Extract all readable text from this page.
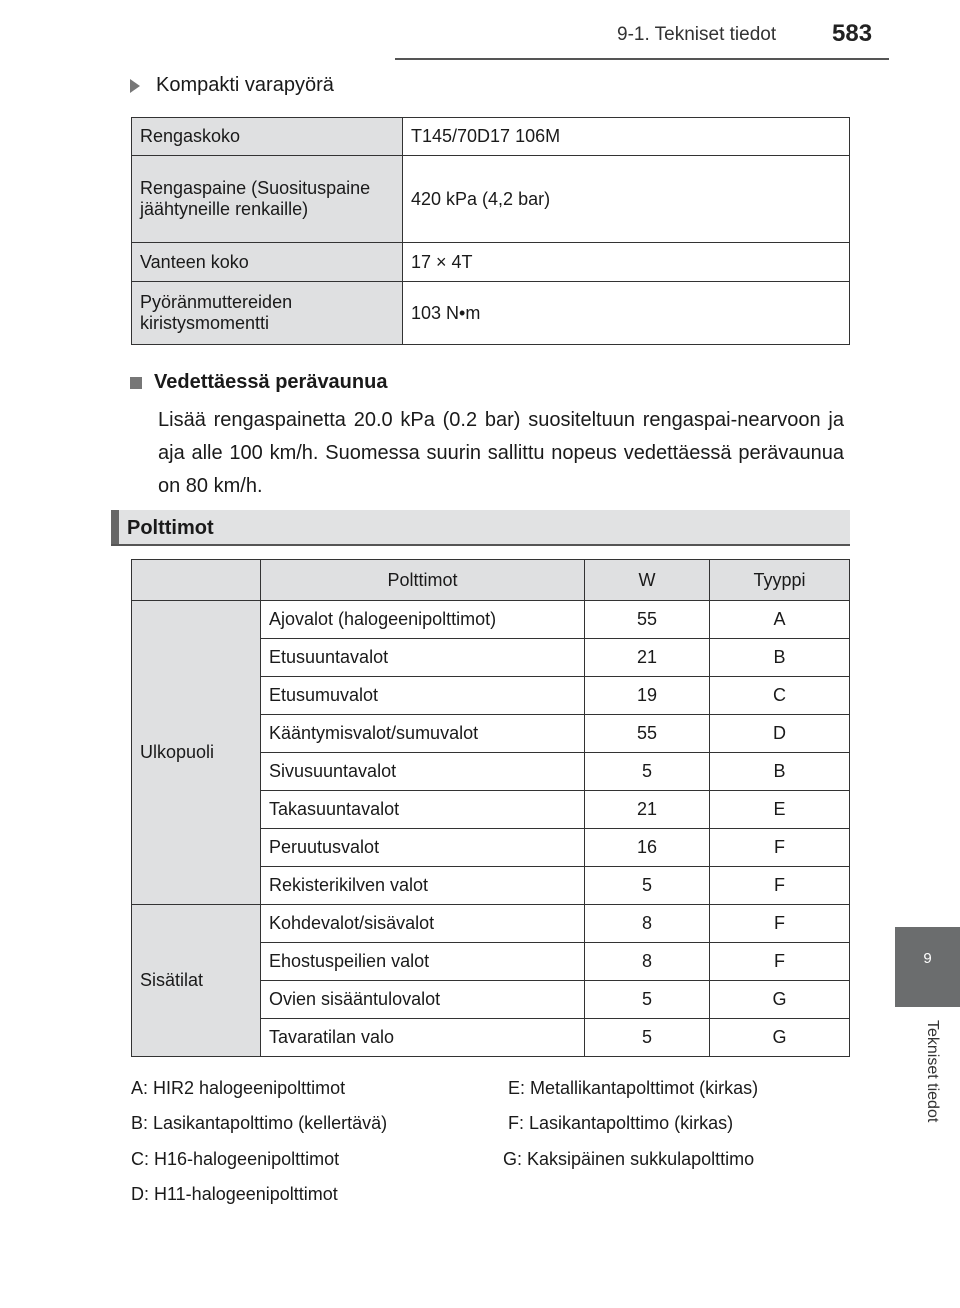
9-1. Tekniset tiedot 583
9
Tekniset tiedot
Kompakti varapyörä
Rengaskoko	T145/70D17 106M
Rengaspaine (Suosituspaine jäähtyneille renkaille)	420 kPa (4,2 bar)
Vanteen koko	17 × 4T
Pyöränmuttereiden kiristysmomentti	103 N•m
Vedettäessä perävaunua
Lisää rengaspainetta 20.0 kPa (0.2 bar) suositeltuun rengaspai-nearvoon ja aja alle 100 km/h. Suomessa suurin sallittu nopeus vedettäessä perävaunua on 80 km/h.
Polttimot
	Polttimot	W	Tyyppi
Ulkopuoli	Ajovalot (halogeenipolttimot)	55	A
	Etusuuntavalot	21	B
	Etusumuvalot	19	C
	Kääntymisvalot/sumuvalot	55	D
	Sivusuuntavalot	5	B
	Takasuuntavalot	21	E
	Peruutusvalot	16	F
	Rekisterikilven valot	5	F
Sisätilat	Kohdevalot/sisävalot	8	F
	Ehostuspeilien valot	8	F
	Ovien sisääntulovalot	5	G
	Tavaratilan valo	5	G
A: HIR2 halogeenipolttimot	E: Metallikantapolttimot (kirkas)
B: Lasikantapolttimo (kellertävä)	F: Lasikantapolttimo (kirkas)
C: H16-halogeenipolttimot	G: Kaksipäinen sukkulapolttimo
D: H11-halogeenipolttimot
